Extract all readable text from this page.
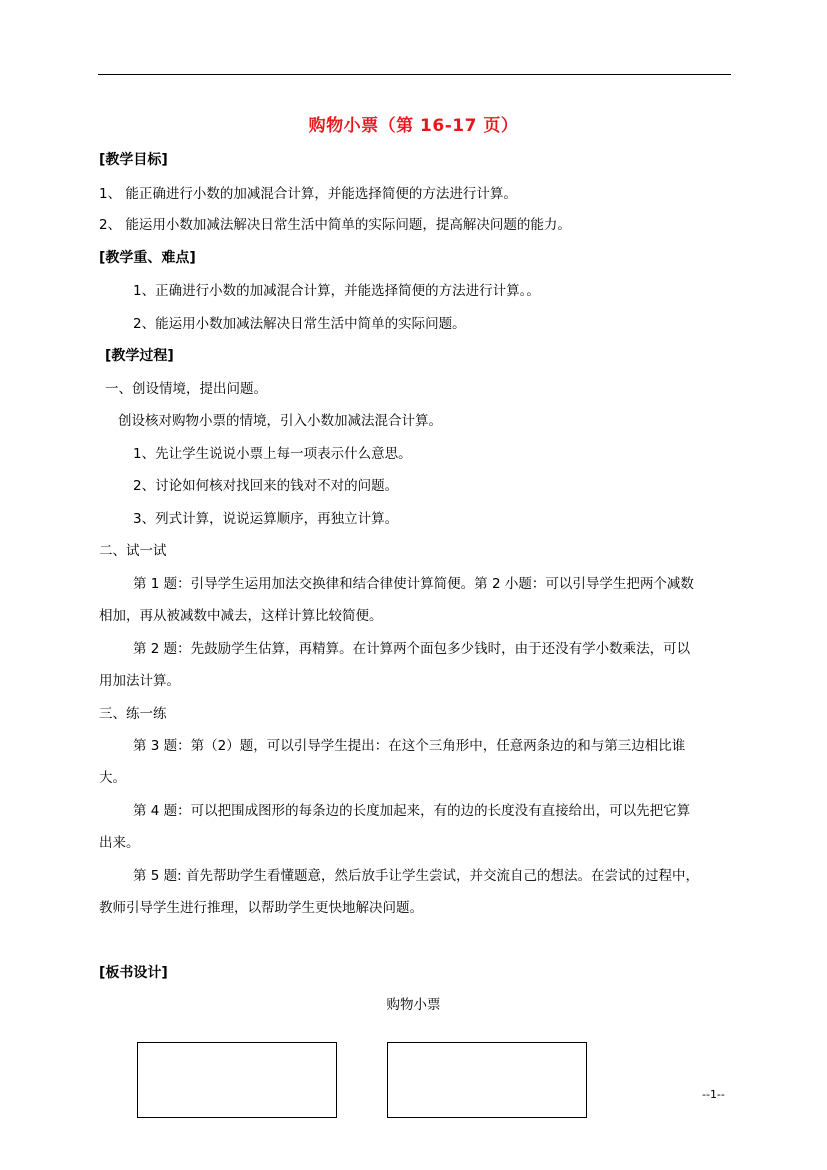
购物小票（第 16-17 页）
[教学目标]
1、 能正确进行小数的加减混合计算，并能选择简便的方法进行计算。
2、 能运用小数加减法解决日常生活中简单的实际问题，提高解决问题的能力。
[教学重、难点]
1、正确进行小数的加减混合计算，并能选择简便的方法进行计算。。
2、能运用小数加减法解决日常生活中简单的实际问题。
[教学过程]
一、创设情境，提出问题。
创设核对购物小票的情境，引入小数加减法混合计算。
1、先让学生说说小票上每一项表示什么意思。
2、讨论如何核对找回来的钱对不对的问题。
3、列式计算，说说运算顺序，再独立计算。
二、试一试
第 1 题：引导学生运用加法交换律和结合律使计算简便。第 2 小题：可以引导学生把两个减数
相加，再从被减数中减去，这样计算比较简便。
第 2 题：先鼓励学生估算，再精算。在计算两个面包多少钱时，由于还没有学小数乘法，可以
用加法计算。
三、练一练
第 3 题：第（2）题，可以引导学生提出：在这个三角形中，任意两条边的和与第三边相比谁
大。
第 4 题：可以把围成图形的每条边的长度加起来，有的边的长度没有直接给出，可以先把它算
出来。
第 5 题: 首先帮助学生看懂题意，然后放手让学生尝试，并交流自己的想法。在尝试的过程中，
教师引导学生进行推理，以帮助学生更快地解决问题。
[板书设计]
购物小票
--1--
